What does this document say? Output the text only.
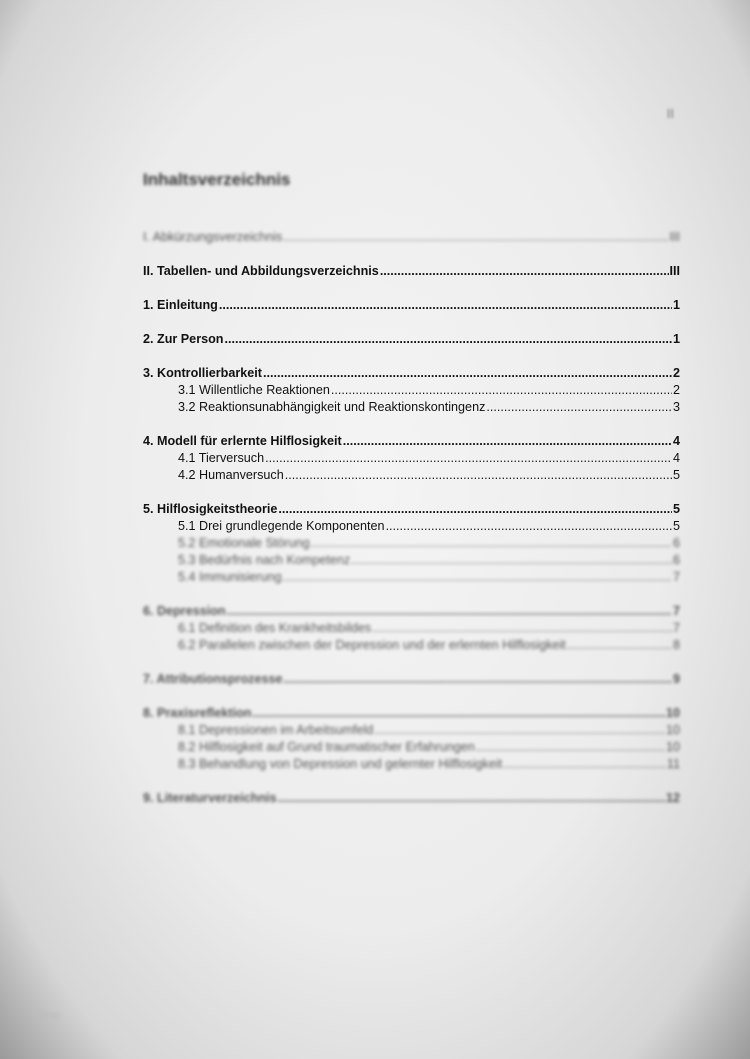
II
Inhaltsverzeichnis
I. Abkürzungsverzeichnis .....	III
II. Tabellen- und Abbildungsverzeichnis .....	III
1. Einleitung .....	1
2. Zur Person .....	1
3. Kontrollierbarkeit .....	2
3.1 Willentliche Reaktionen .....	2
3.2 Reaktionsunabhängigkeit und Reaktionskontingenz .....	3
4. Modell für erlernte Hilflosigkeit .....	4
4.1 Tierversuch .....	4
4.2 Humanversuch .....	5
5. Hilflosigkeitstheorie .....	5
5.1 Drei grundlegende Komponenten .....	5
5.2 Emotionale Störung .....	6
5.3 Bedürfnis nach Kompetenz .....	6
5.4 Immunisierung .....	7
6. Depression .....	7
6.1 Definition des Krankheitsbildes .....	7
6.2 Parallelen zwischen der Depression und der erlernten Hilflosigkeit .....	8
7. Attributionsprozesse .....	9
8. Praxisreflektion .....	10
8.1 Depressionen im Arbeitsumfeld .....	10
8.2 Hilflosigkeit auf Grund traumatischer Erfahrungen .....	10
8.3 Behandlung von Depression und gelernter Hilflosigkeit .....	11
9. Literaturverzeichnis .....	12
hecp
